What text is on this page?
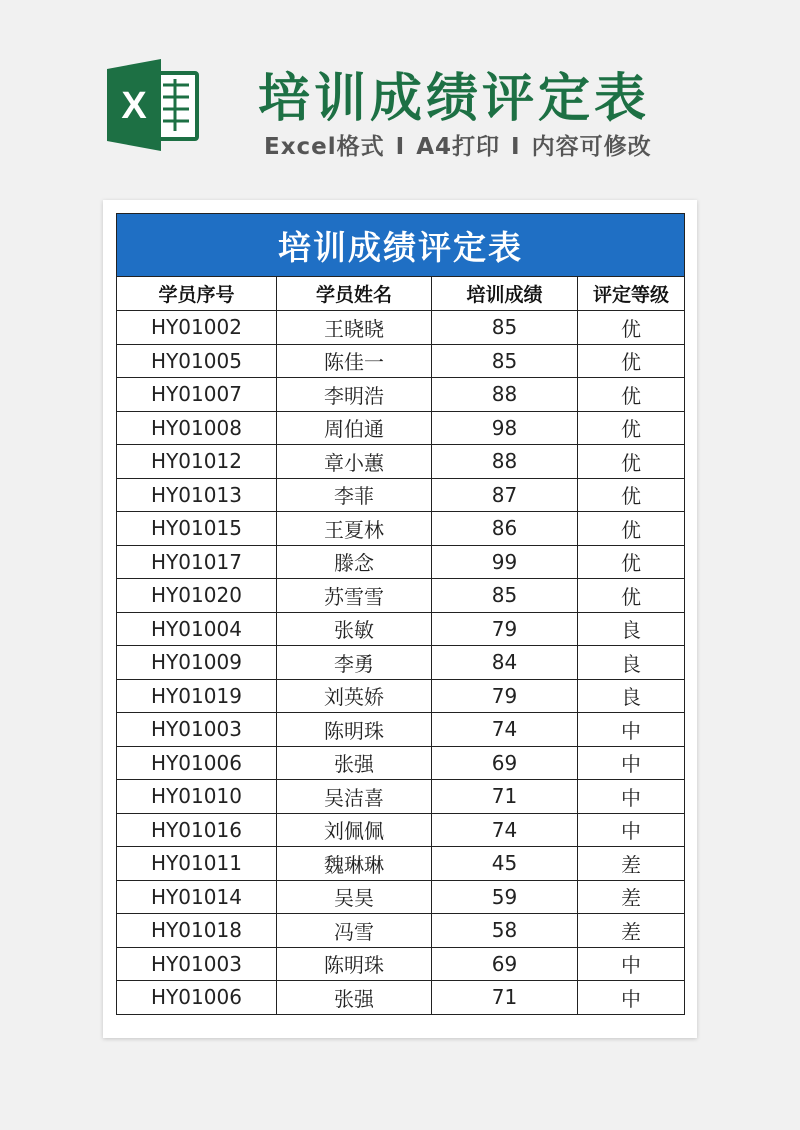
X 培训成绩评定表
Excel格式 I A4打印 I 内容可修改
培训成绩评定表			
学员序号	学员姓名	培训成绩	评定等级
HY01002	王晓晓	85	优
HY01005	陈佳一	85	优
HY01007	李明浩	88	优
HY01008	周伯通	98	优
HY01012	章小蕙	88	优
HY01013	李菲	87	优
HY01015	王夏林	86	优
HY01017	滕念	99	优
HY01020	苏雪雪	85	优
HY01004	张敏	79	良
HY01009	李勇	84	良
HY01019	刘英娇	79	良
HY01003	陈明珠	74	中
HY01006	张强	69	中
HY01010	吴洁喜	71	中
HY01016	刘佩佩	74	中
HY01011	魏琳琳	45	差
HY01014	吴昊	59	差
HY01018	冯雪	58	差
HY01003	陈明珠	69	中
HY01006	张强	71	中
